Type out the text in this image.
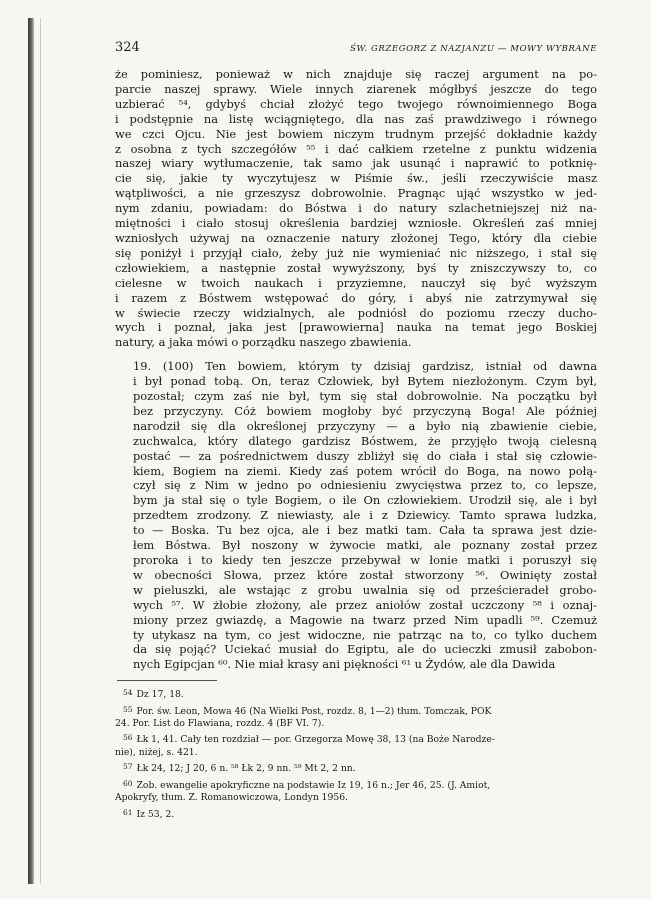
324	ŚW. GRZEGORZ Z NAZJANZU — MOWY WYBRANE

że pominiesz, ponieważ w nich znajduje się raczej argument na po-
parcie naszej sprawy. Wiele innych ziarenek mógłbyś jeszcze do tego
uzbierać ⁵⁴, gdybyś chciał złożyć tego twojego równoimiennego Boga
i podstępnie na listę wciągniętego, dla nas zaś prawdziwego i równego
we czci Ojcu. Nie jest bowiem niczym trudnym przejść dokładnie każdy
z osobna z tych szczegółów ⁵⁵ i dać całkiem rzetelne z punktu widzenia
naszej wiary wytłumaczenie, tak samo jak usunąć i naprawić to potknię-
cie się, jakie ty wyczytujesz w Piśmie św., jeśli rzeczywiście masz
wątpliwości, a nie grzeszysz dobrowolnie. Pragnąc ująć wszystko w jed-
nym zdaniu, powiadam: do Bóstwa i do natury szlachetniejszej niż na-
miętności i ciało stosuj określenia bardziej wzniosłe. Określeń zaś mniej
wzniosłych używaj na oznaczenie natury złożonej Tego, który dla ciebie
się poniżył i przyjął ciało, żeby już nie wymieniać nic niższego, i stał się
człowiekiem, a następnie został wywyższony, byś ty zniszczywszy to, co
cielesne w twoich naukach i przyziemne, nauczył się być wyższym
i razem z Bóstwem wstępować do góry, i abyś nie zatrzymywał się
w świecie rzeczy widzialnych, ale podniósł do poziomu rzeczy ducho-
wych i poznał, jaka jest [prawowierna] nauka na temat jego Boskiej
natury, a jaka mówi o porządku naszego zbawienia.

19. (100) Ten bowiem, którym ty dzisiaj gardzisz, istniał od dawna
i był ponad tobą. On, teraz Człowiek, był Bytem niezłożonym. Czym był,
pozostał; czym zaś nie był, tym się stał dobrowolnie. Na początku był
bez przyczyny. Cóż bowiem mogłoby być przyczyną Boga! Ale później
narodził się dla określonej przyczyny — a było nią zbawienie ciebie,
zuchwalca, który dlatego gardzisz Bóstwem, że przyjęło twoją cielesną
postać — za pośrednictwem duszy zbliżył się do ciała i stał się człowie-
kiem, Bogiem na ziemi. Kiedy zaś potem wrócił do Boga, na nowo połą-
czył się z Nim w jedno po odniesieniu zwycięstwa przez to, co lepsze,
bym ja stał się o tyle Bogiem, o ile On człowiekiem. Urodził się, ale i był
przedtem zrodzony. Z niewiasty, ale i z Dziewicy. Tamto sprawa ludzka,
to — Boska. Tu bez ojca, ale i bez matki tam. Cała ta sprawa jest dzie-
łem Bóstwa. Był noszony w żywocie matki, ale poznany został przez
proroka i to kiedy ten jeszcze przebywał w łonie matki i poruszył się
w obecności Słowa, przez które został stworzony ⁵⁶. Owinięty został
w pieluszki, ale wstając z grobu uwalnia się od prześcieradeł grobo-
wych ⁵⁷. W żłobie złożony, ale przez aniołów został uczczony ⁵⁸ i oznaj-
miony przez gwiazdę, a Magowie na twarz przed Nim upadli ⁵⁹. Czemuż
ty utykasz na tym, co jest widoczne, nie patrząc na to, co tylko duchem
da się pojąć? Uciekać musiał do Egiptu, ale do ucieczki zmusił zabobon-
nych Egipcjan ⁶⁰. Nie miał krasy ani piękności ⁶¹ u Żydów, ale dla Dawida

$^{54}$ Dz 17, 18.
$^{55}$ Por. św. Leon, Mowa 46 (Na Wielki Post, rozdz. 8, 1—2) tłum. Tomczak, POK
24. Por. List do Flawiana, rozdz. 4 (BF VI. 7).
$^{56}$ Łk 1, 41. Cały ten rozdział — por. Grzegorza Mowę 38, 13 (na Boże Narodze-
nie), niżej, s. 421.
$^{57}$ Łk 24, 12; J 20, 6 n. ⁵⁸ Łk 2, 9 nn. ⁵⁹ Mt 2, 2 nn.
$^{60}$ Zob. ewangelie apokryficzne na podstawie Iz 19, 16 n.; Jer 46, 25. (J. Amiot,
Apokryfy, tłum. Z. Romanowiczowa, Londyn 1956.
$^{61}$ Iz 53, 2.
